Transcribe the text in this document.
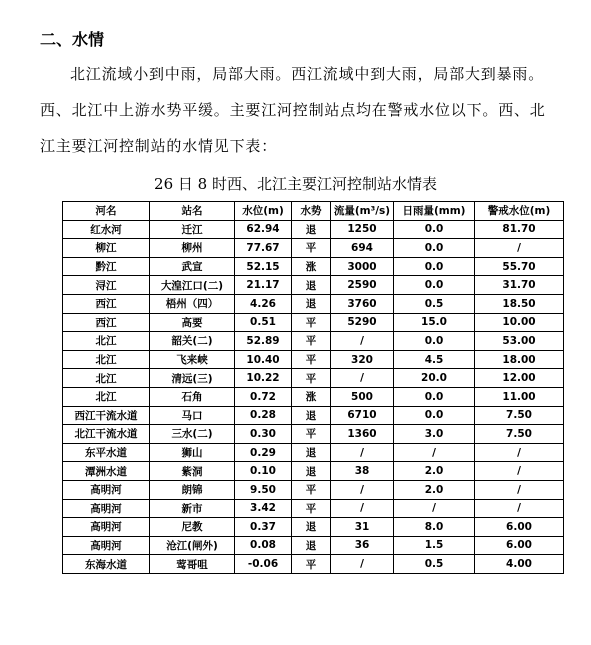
二、水情
北江流域小到中雨，局部大雨。西江流域中到大雨，局部大到暴雨。西、北江中上游水势平缓。主要江河控制站点均在警戒水位以下。西、北江主要江河控制站的水情见下表：
26 日 8 时西、北江主要江河控制站水情表
河名	站名	水位(m)	水势	流量(m³/s)	日雨量(mm)	警戒水位(m)
红水河	迁江	62.94	退	1250	0.0	81.70
柳江	柳州	77.67	平	694	0.0	/
黔江	武宣	52.15	涨	3000	0.0	55.70
浔江	大湟江口(二)	21.17	退	2590	0.0	31.70
西江	梧州（四）	4.26	退	3760	0.5	18.50
西江	高要	0.51	平	5290	15.0	10.00
北江	韶关(二)	52.89	平	/	0.0	53.00
北江	飞来峡	10.40	平	320	4.5	18.00
北江	清远(三)	10.22	平	/	20.0	12.00
北江	石角	0.72	涨	500	0.0	11.00
西江干流水道	马口	0.28	退	6710	0.0	7.50
北江干流水道	三水(二)	0.30	平	1360	3.0	7.50
东平水道	狮山	0.29	退	/	/	/
潭洲水道	紫洞	0.10	退	38	2.0	/
高明河	朗锦	9.50	平	/	2.0	/
高明河	新市	3.42	平	/	/	/
高明河	尼教	0.37	退	31	8.0	6.00
高明河	沧江(闸外)	0.08	退	36	1.5	6.00
东海水道	莺哥咀	-0.06	平	/	0.5	4.00
